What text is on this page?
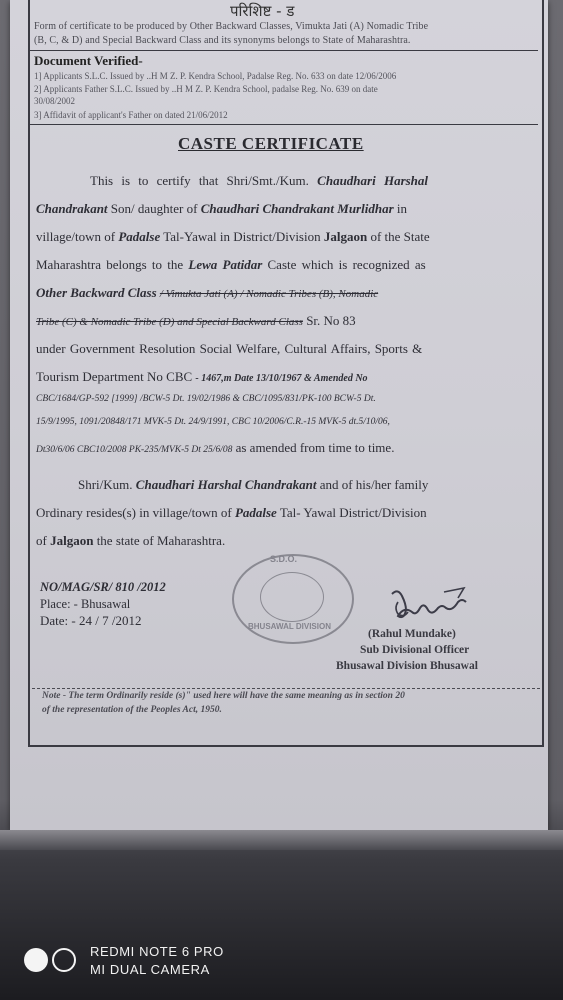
परिशिष्ट - ड
Form of certificate to be produced by Other Backward Classes, Vimukta Jati (A) Nomadic Tribe
(B, C, & D) and Special Backward Class and its synonyms belongs to State of Maharashtra.
Document Verified-
1] Applicants S.L.C. Issued by ..H M Z. P. Kendra School, Padalse Reg. No. 633 on date 12/06/2006
2] Applicants Father S.L.C. Issued by ..H M Z. P. Kendra School, padalse Reg. No. 639 on date
30/08/2002
3] Affidavit of applicant's Father on dated 21/06/2012
CASTE CERTIFICATE
This is to certify that Shri/Smt./Kum. Chaudhari Harshal
Chandrakant Son/ daughter of Chaudhari Chandrakant Murlidhar in
village/town of Padalse Tal-Yawal in District/Division Jalgaon of the State
Maharashtra belongs to the Lewa Patidar Caste which is recognized as
Other Backward Class / Vimukta Jati (A) / Nomadic Tribes (B), Nomadic
Tribe (C) & Nomadic Tribe (D) and Special Backward Class Sr. No 83
under Government Resolution Social Welfare, Cultural Affairs, Sports &
Tourism Department No CBC - 1467,m Date 13/10/1967 & Amended No
CBC/1684/GP-592 [1999] /BCW-5 Dt. 19/02/1986 & CBC/1095/831/PK-100 BCW-5 Dt.
15/9/1995, 1091/20848/171 MVK-5 Dt. 24/9/1991, CBC 10/2006/C.R.-15 MVK-5 dt.5/10/06,
Dt30/6/06 CBC10/2008 PK-235/MVK-5 Dt 25/6/08 as amended from time to time.
Shri/Kum. Chaudhari Harshal Chandrakant and of his/her family
Ordinary resides(s) in village/town of Padalse Tal- Yawal District/Division
of Jalgaon the state of Maharashtra.
NO/MAG/SR/ 810 /2012
Place: - Bhusawal
Date: - 24 / 7 /2012
S.D.O.
BHUSAWAL DIVISION
(Rahul Mundake)
Sub Divisional Officer
Bhusawal Division Bhusawal
Note - The term Ordinarily reside (s)" used here will have the same meaning as in section 20
of the representation of the Peoples Act, 1950.
REDMI NOTE 6 PRO
MI DUAL CAMERA
